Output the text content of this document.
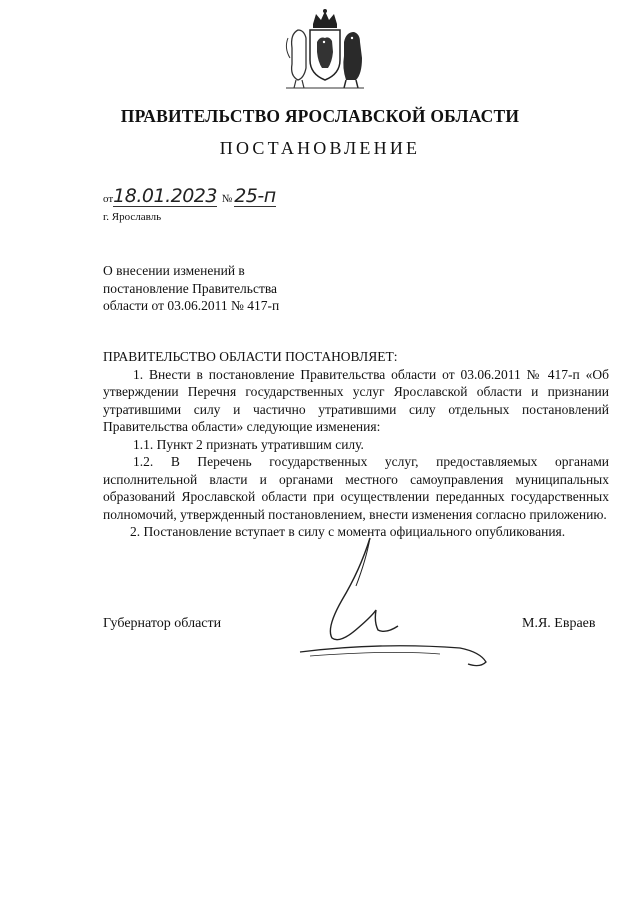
ПРАВИТЕЛЬСТВО ЯРОСЛАВСКОЙ ОБЛАСТИ
ПОСТАНОВЛЕНИЕ
от18.01.2023 № 25-п
г. Ярославль
О внесении изменений в постановление Правительства области от 03.06.2011 № 417-п

ПРАВИТЕЛЬСТВО ОБЛАСТИ ПОСТАНОВЛЯЕТ:

1. Внести в постановление Правительства области от 03.06.2011 № 417-п «Об утверждении Перечня государственных услуг Ярославской области и признании утратившими силу и частично утратившими силу отдельных постановлений Правительства области» следующие изменения:

1.1. Пункт 2 признать утратившим силу.

1.2. В Перечень государственных услуг, предоставляемых органами исполнительной власти и органами местного самоуправления муниципальных образований Ярославской области при осуществлении переданных государственных полномочий, утвержденный постановлением, внести изменения согласно приложению.

2. Постановление вступает в силу с момента официального опубликования.

Губернатор области	М.Я. Евраев
